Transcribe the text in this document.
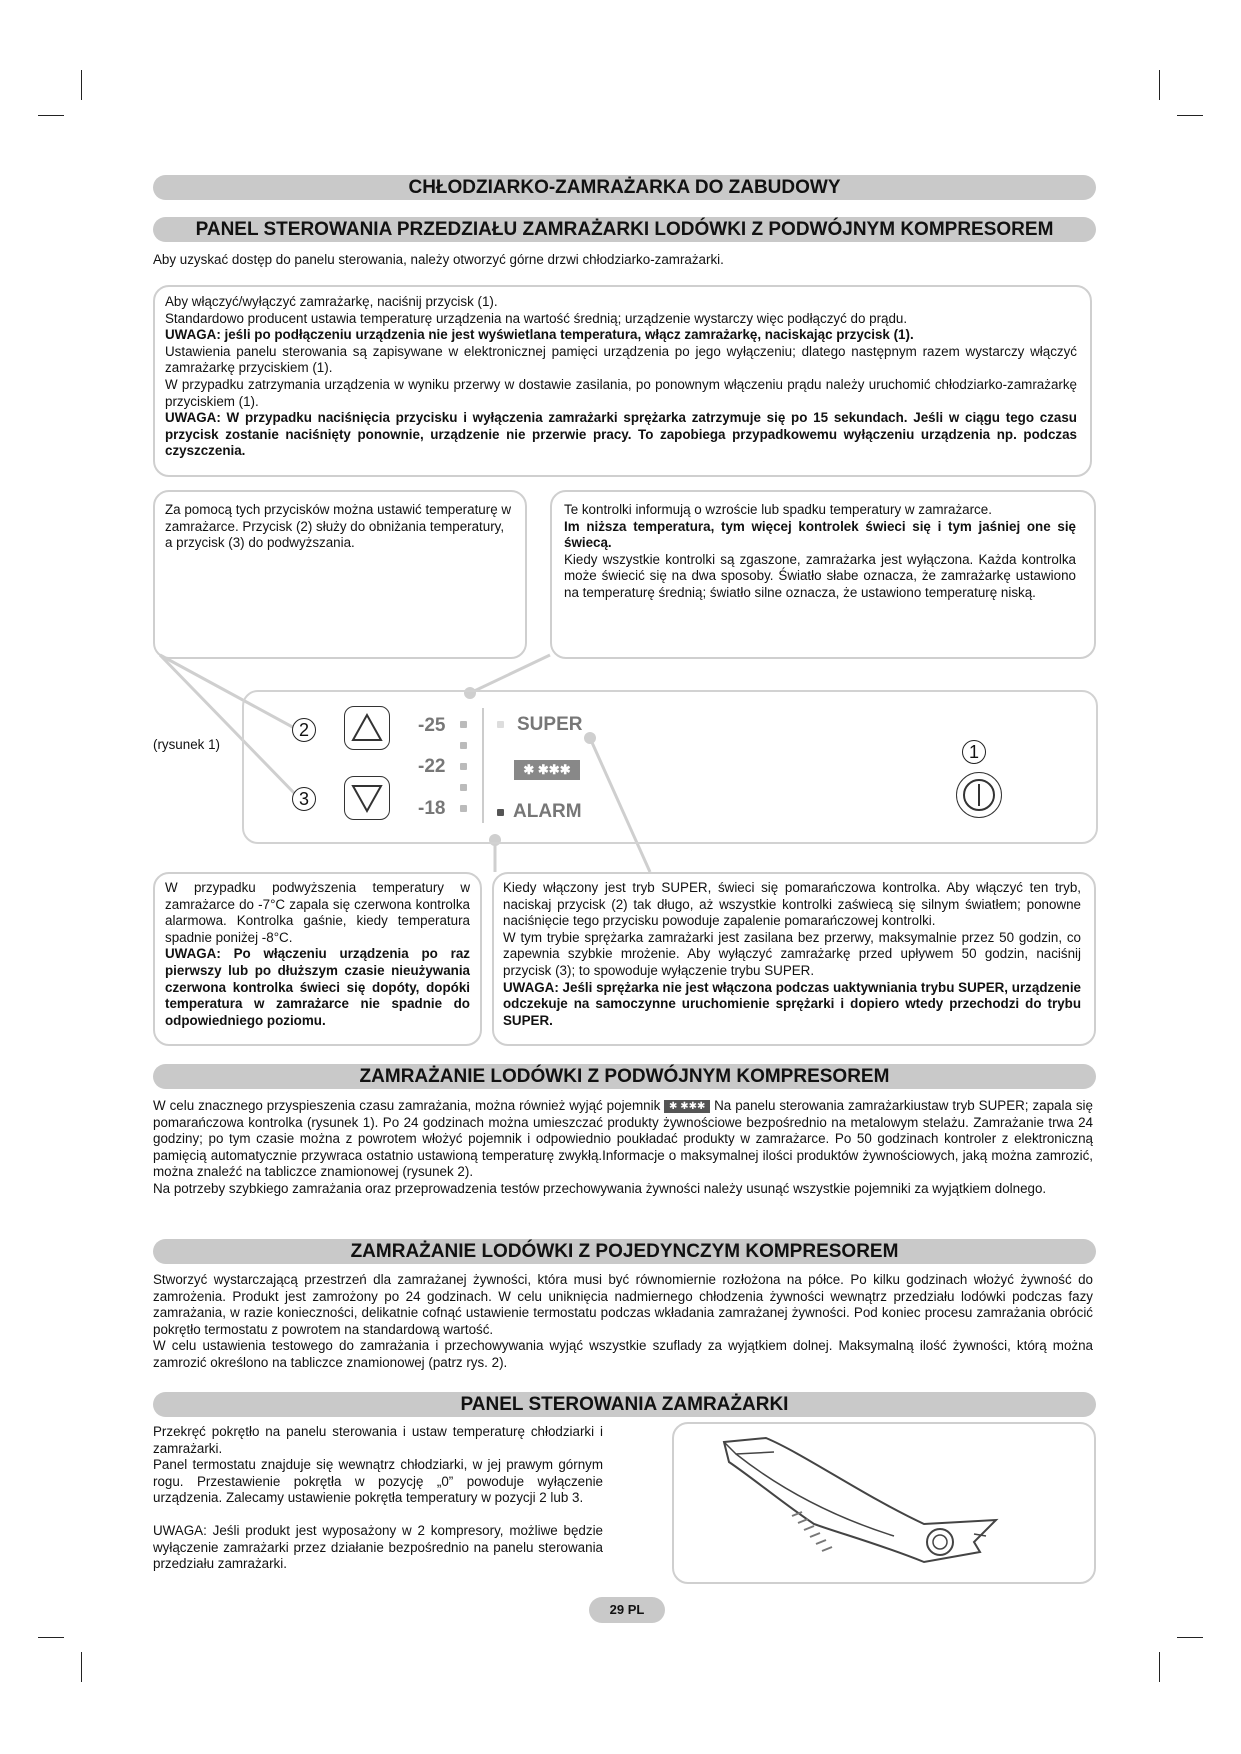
CHŁODZIARKO-ZAMRAŻARKA DO ZABUDOWY
PANEL STEROWANIA PRZEDZIAŁU ZAMRAŻARKI LODÓWKI Z PODWÓJNYM KOMPRESOREM

Aby uzyskać dostęp do panelu sterowania, należy otworzyć górne drzwi chłodziarko-zamrażarki.

Aby włączyć/wyłączyć zamrażarkę, naciśnij przycisk (1).

Standardowo producent ustawia temperaturę urządzenia na wartość średnią; urządzenie wystarczy więc podłączyć do prądu.

UWAGA: jeśli po podłączeniu urządzenia nie jest wyświetlana temperatura, włącz zamrażarkę, naciskając przycisk (1).

Ustawienia panelu sterowania są zapisywane w elektronicznej pamięci urządzenia po jego wyłączeniu; dlatego następnym razem wystarczy włączyć zamrażarkę przyciskiem (1).

W przypadku zatrzymania urządzenia w wyniku przerwy w dostawie zasilania, po ponownym włączeniu prądu należy uruchomić chłodziarko-zamrażarkę przyciskiem (1).

UWAGA: W przypadku naciśnięcia przycisku i wyłączenia zamrażarki sprężarka zatrzymuje się po 15 sekundach. Jeśli w ciągu tego czasu przycisk zostanie naciśnięty ponownie, urządzenie nie przerwie pracy. To zapobiega przypadkowemu wyłączeniu urządzenia np. podczas czyszczenia.

Za pomocą tych przycisków można ustawić temperaturę w zamrażarce. Przycisk (2) służy do obniżania temperatury, a przycisk (3) do podwyższania.

Te kontrolki informują o wzroście lub spadku temperatury w zamrażarce.

Im niższa temperatura, tym więcej kontrolek świeci się i tym jaśniej one się świecą.

Kiedy wszystkie kontrolki są zgaszone, zamrażarka jest wyłączona. Każda kontrolka może świecić się na dwa sposoby. Światło słabe oznacza, że zamrażarkę ustawiono na temperaturę średnią; światło silne oznacza, że ustawiono temperaturę niską.

(rysunek 1)
2
3
1
-25
-22
-18
SUPER
✱ ✱✱✱
ALARM

W przypadku podwyższenia temperatury w zamrażarce do -7°C zapala się czerwona kontrolka alarmowa. Kontrolka gaśnie, kiedy temperatura spadnie poniżej -8°C.

UWAGA: Po włączeniu urządzenia po raz pierwszy lub po dłuższym czasie nieużywania czerwona kontrolka świeci się dopóty, dopóki temperatura w zamrażarce nie spadnie do odpowiedniego poziomu.

Kiedy włączony jest tryb SUPER, świeci się pomarańczowa kontrolka. Aby włączyć ten tryb, naciskaj przycisk (2) tak długo, aż wszystkie kontrolki zaświecą się silnym światłem; ponowne naciśnięcie tego przycisku powoduje zapalenie pomarańczowej kontrolki.

W tym trybie sprężarka zamrażarki jest zasilana bez przerwy, maksymalnie przez 50 godzin, co zapewnia szybkie mrożenie. Aby wyłączyć zamrażarkę przed upływem 50 godzin, naciśnij przycisk (3); to spowoduje wyłączenie trybu SUPER.

UWAGA: Jeśli sprężarka nie jest włączona podczas uaktywniania trybu SUPER, urządzenie odczekuje na samoczynne uruchomienie sprężarki i dopiero wtedy przechodzi do trybu SUPER.

ZAMRAŻANIE LODÓWKI Z PODWÓJNYM KOMPRESOREM

W celu znacznego przyspieszenia czasu zamrażania, można również wyjąć pojemnik ✱ ✱✱✱ Na panelu sterowania zamrażarkiustaw tryb SUPER; zapala się pomarańczowa kontrolka (rysunek 1). Po 24 godzinach można umieszczać produkty żywnościowe bezpośrednio na metalowym stelażu. Zamrażanie trwa 24 godziny; po tym czasie można z powrotem włożyć pojemnik i odpowiednio poukładać produkty w zamrażarce. Po 50 godzinach kontroler z elektroniczną pamięcią automatycznie przywraca ostatnio ustawioną temperaturę zwykłą.Informacje o maksymalnej ilości produktów żywnościowych, jaką można zamrozić, można znaleźć na tabliczce znamionowej (rysunek 2).

Na potrzeby szybkiego zamrażania oraz przeprowadzenia testów przechowywania żywności należy usunąć wszystkie pojemniki za wyjątkiem dolnego.

ZAMRAŻANIE LODÓWKI Z POJEDYNCZYM KOMPRESOREM

Stworzyć wystarczającą przestrzeń dla zamrażanej żywności, która musi być równomiernie rozłożona na półce. Po kilku godzinach włożyć żywność do zamrożenia. Produkt jest zamrożony po 24 godzinach. W celu uniknięcia nadmiernego chłodzenia żywności wewnątrz przedziału lodówki podczas fazy zamrażania, w razie konieczności, delikatnie cofnąć ustawienie termostatu podczas wkładania zamrażanej żywności. Pod koniec procesu zamrażania obrócić pokrętło termostatu z powrotem na standardową wartość.

W celu ustawienia testowego do zamrażania i przechowywania wyjąć wszystkie szuflady za wyjątkiem dolnej. Maksymalną ilość żywności, którą można zamrozić określono na tabliczce znamionowej (patrz rys. 2).

PANEL STEROWANIA ZAMRAŻARKI

Przekręć pokrętło na panelu sterowania i ustaw temperaturę chłodziarki i zamrażarki.

Panel termostatu znajduje się wewnątrz chłodziarki, w jej prawym górnym rogu. Przestawienie pokrętła w pozycję „0” powoduje wyłączenie urządzenia. Zalecamy ustawienie pokrętła temperatury w pozycji 2 lub 3.

UWAGA: Jeśli produkt jest wyposażony w 2 kompresory, możliwe będzie wyłączenie zamrażarki przez działanie bezpośrednio na panelu sterowania przedziału zamrażarki.

29 PL
